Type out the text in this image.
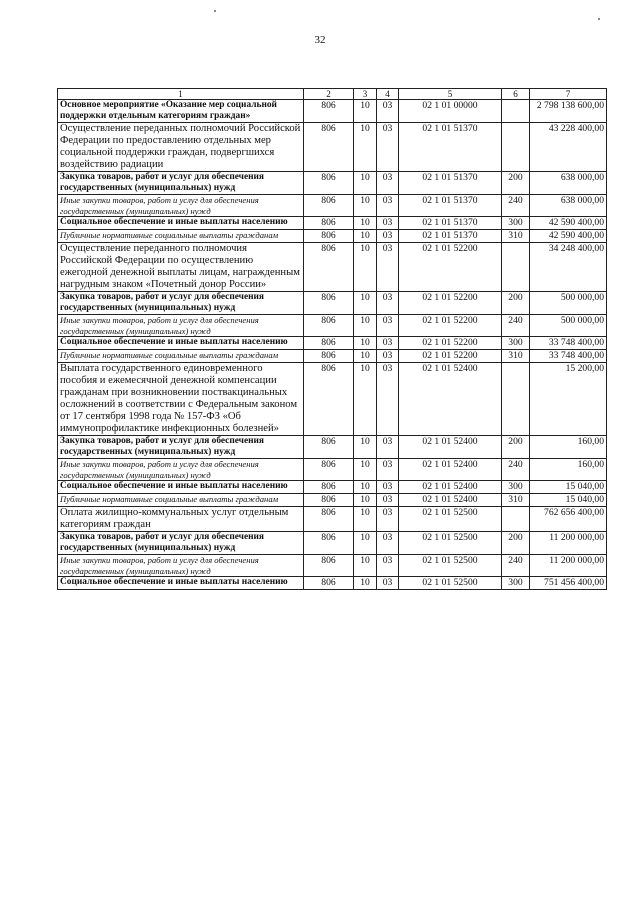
32
1	2	3	4	5	6	7
Основное мероприятие «Оказание мер социальной поддержки отдельным категориям граждан»	806	10	03	02 1 01 00000		2 798 138 600,00
Осуществление переданных полномочий Российской Федерации по предоставлению отдельных мер социальной поддержки граждан, подвергшихся воздействию радиации	806	10	03	02 1 01 51370		43 228 400,00
Закупка товаров, работ и услуг для обеспечения государственных (муниципальных) нужд	806	10	03	02 1 01 51370	200	638 000,00
Иные закупки товаров, работ и услуг для обеспечения государственных (муниципальных) нужд	806	10	03	02 1 01 51370	240	638 000,00
Социальное обеспечение и иные выплаты населению	806	10	03	02 1 01 51370	300	42 590 400,00
Публичные нормативные социальные выплаты гражданам	806	10	03	02 1 01 51370	310	42 590 400,00
Осуществление переданного полномочия Российской Федерации по осуществлению ежегодной денежной выплаты лицам, награжденным нагрудным знаком «Почетный донор России»	806	10	03	02 1 01 52200		34 248 400,00
Закупка товаров, работ и услуг для обеспечения государственных (муниципальных) нужд	806	10	03	02 1 01 52200	200	500 000,00
Иные закупки товаров, работ и услуг для обеспечения государственных (муниципальных) нужд	806	10	03	02 1 01 52200	240	500 000,00
Социальное обеспечение и иные выплаты населению	806	10	03	02 1 01 52200	300	33 748 400,00
Публичные нормативные социальные выплаты гражданам	806	10	03	02 1 01 52200	310	33 748 400,00
Выплата государственного единовременного пособия и ежемесячной денежной компенсации гражданам при возникновении поствакцинальных осложнений в соответствии с Федеральным законом от 17 сентября 1998 года № 157-ФЗ «Об иммунопрофилактике инфекционных болезней»	806	10	03	02 1 01 52400		15 200,00
Закупка товаров, работ и услуг для обеспечения государственных (муниципальных) нужд	806	10	03	02 1 01 52400	200	160,00
Иные закупки товаров, работ и услуг для обеспечения государственных (муниципальных) нужд	806	10	03	02 1 01 52400	240	160,00
Социальное обеспечение и иные выплаты населению	806	10	03	02 1 01 52400	300	15 040,00
Публичные нормативные социальные выплаты гражданам	806	10	03	02 1 01 52400	310	15 040,00
Оплата жилищно-коммунальных услуг отдельным категориям граждан	806	10	03	02 1 01 52500		762 656 400,00
Закупка товаров, работ и услуг для обеспечения государственных (муниципальных) нужд	806	10	03	02 1 01 52500	200	11 200 000,00
Иные закупки товаров, работ и услуг для обеспечения государственных (муниципальных) нужд	806	10	03	02 1 01 52500	240	11 200 000,00
Социальное обеспечение и иные выплаты населению	806	10	03	02 1 01 52500	300	751 456 400,00
